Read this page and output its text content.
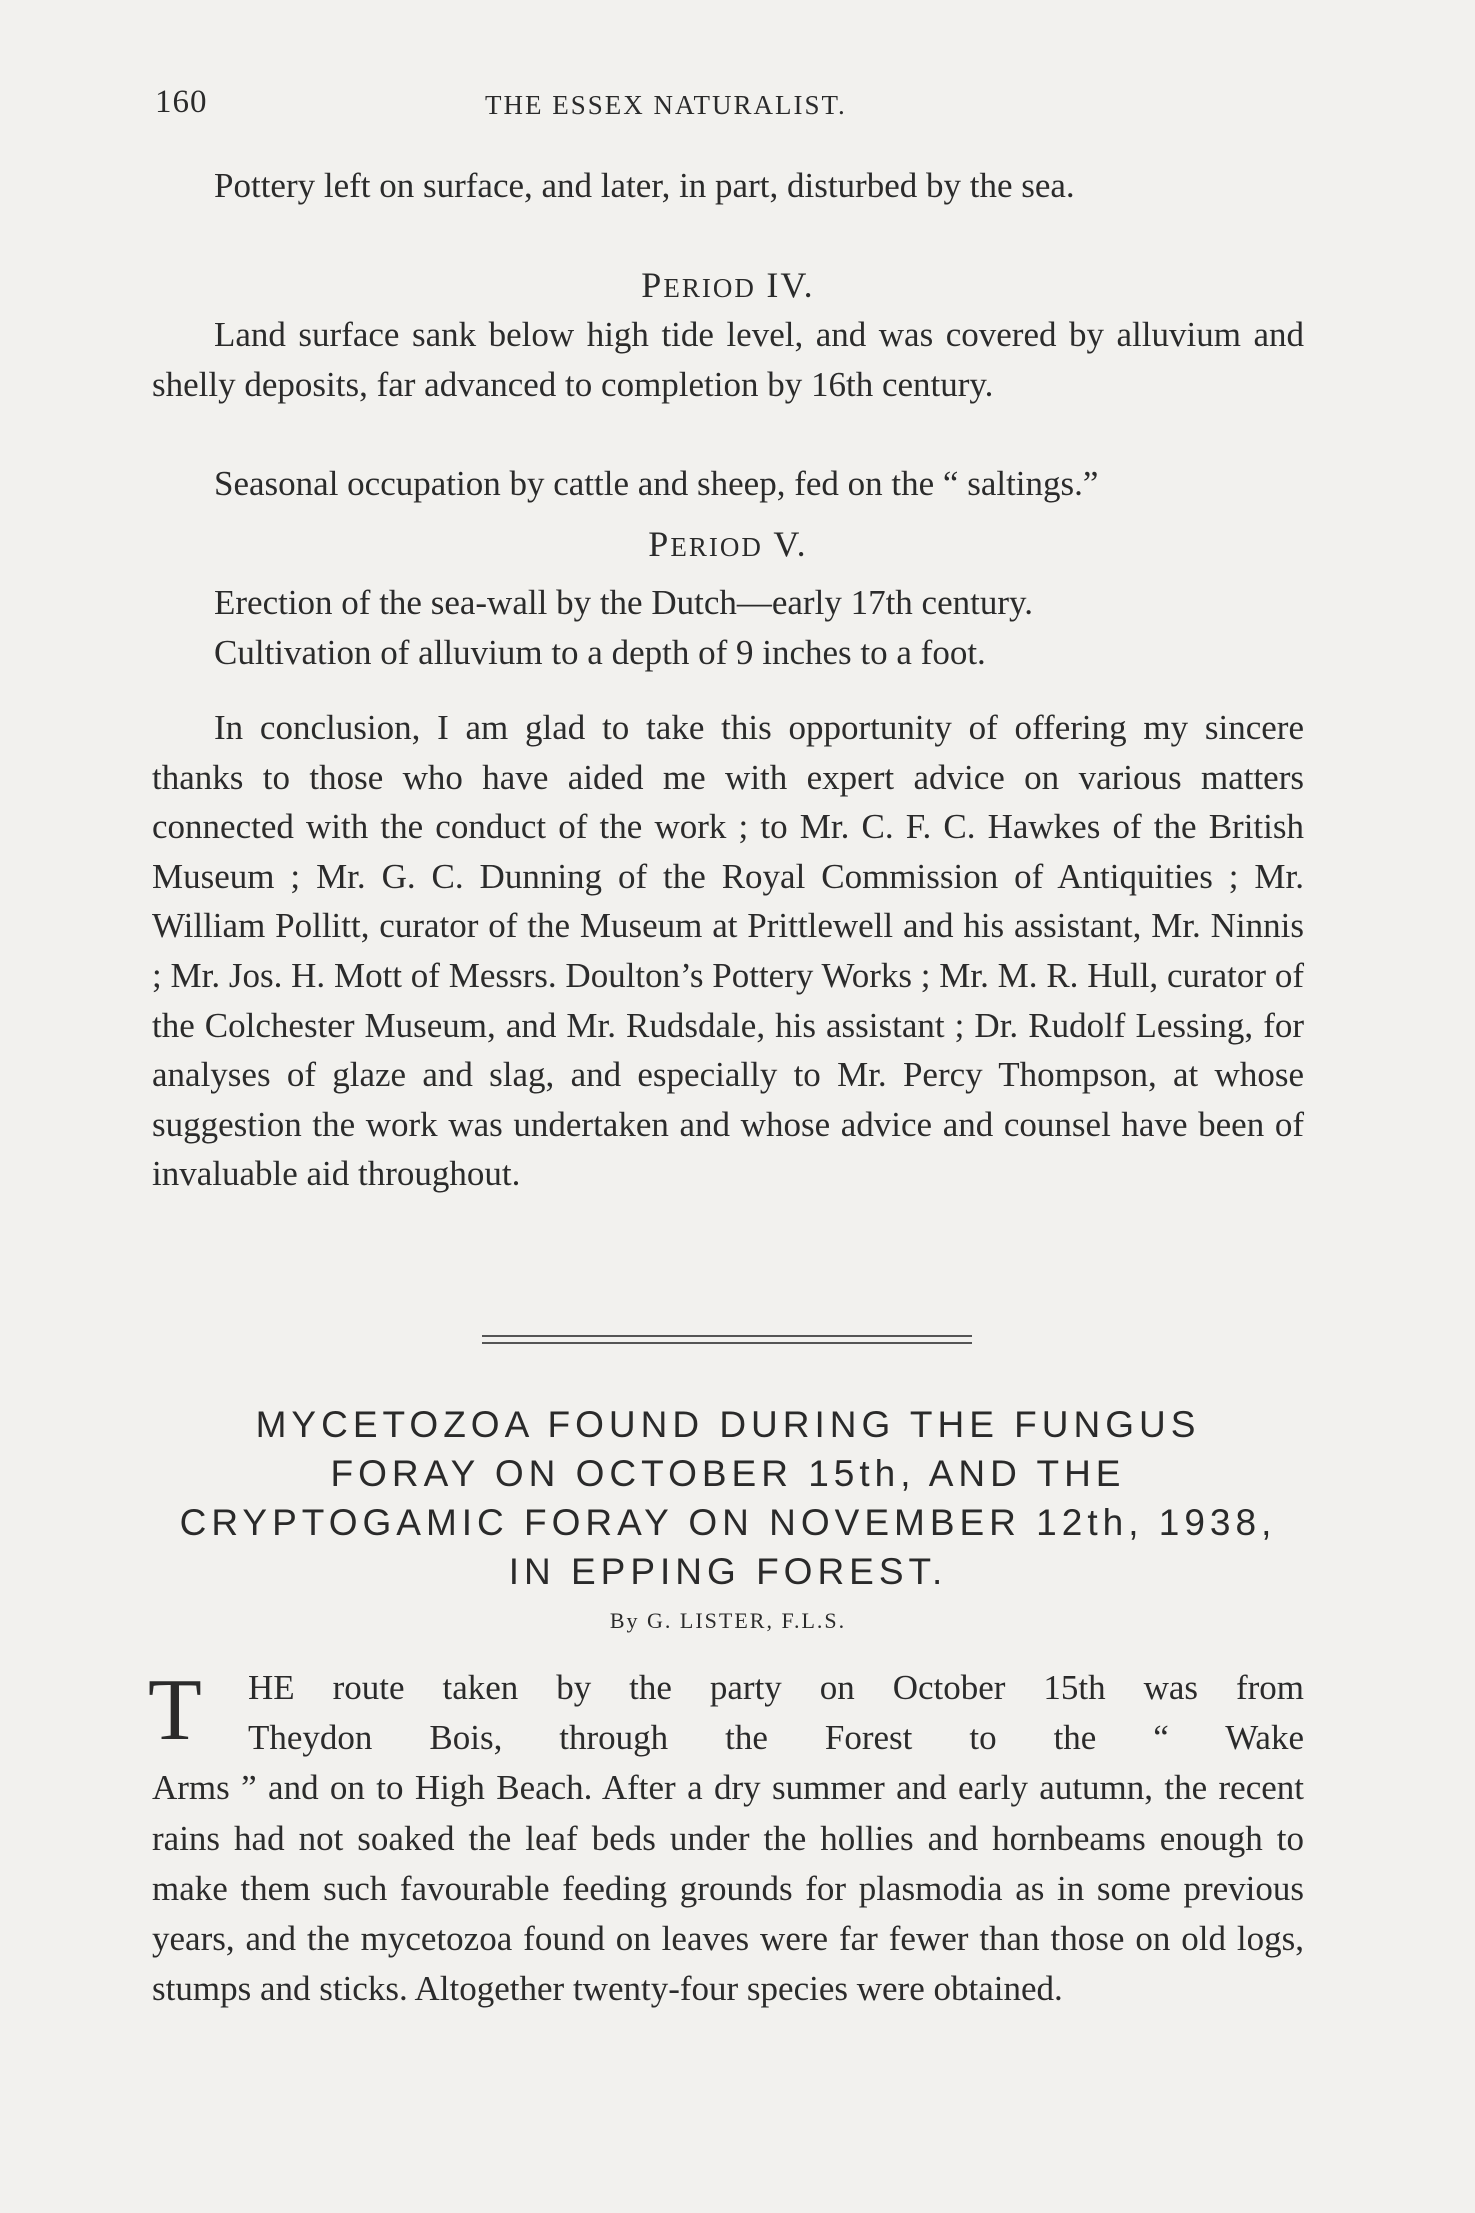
160	THE ESSEX NATURALIST.
Pottery left on surface, and later, in part, disturbed by the sea.
PERIOD IV.
Land surface sank below high tide level, and was covered by alluvium and shelly deposits, far advanced to completion by 16th century.
Seasonal occupation by cattle and sheep, fed on the “ saltings.”
PERIOD V.
Erection of the sea-wall by the Dutch—early 17th century.
Cultivation of alluvium to a depth of 9 inches to a foot.
In conclusion, I am glad to take this opportunity of offering my sincere thanks to those who have aided me with expert advice on various matters connected with the conduct of the work ; to Mr. C. F. C. Hawkes of the British Museum ; Mr. G. C. Dunning of the Royal Commission of Antiquities ; Mr. William Pollitt, curator of the Museum at Prittlewell and his assistant, Mr. Ninnis ; Mr. Jos. H. Mott of Messrs. Doulton’s Pottery Works ; Mr. M. R. Hull, curator of the Colchester Museum, and Mr. Rudsdale, his assistant ; Dr. Rudolf Lessing, for analyses of glaze and slag, and especially to Mr. Percy Thompson, at whose suggestion the work was undertaken and whose advice and counsel have been of invaluable aid throughout.
MYCETOZOA FOUND DURING THE FUNGUS
FORAY ON OCTOBER 15th, AND THE
CRYPTOGAMIC FORAY ON NOVEMBER 12th, 1938,
IN EPPING FOREST.
By G. LISTER, F.L.S.
T	HE route taken by the party on October 15th was from
Theydon Bois, through the Forest to the “ Wake
Arms ” and on to High Beach. After a dry summer and early autumn, the recent rains had not soaked the leaf beds under the hollies and hornbeams enough to make them such favourable feeding grounds for plasmodia as in some previous years, and the mycetozoa found on leaves were far fewer than those on old logs, stumps and sticks. Altogether twenty-four species were obtained.
